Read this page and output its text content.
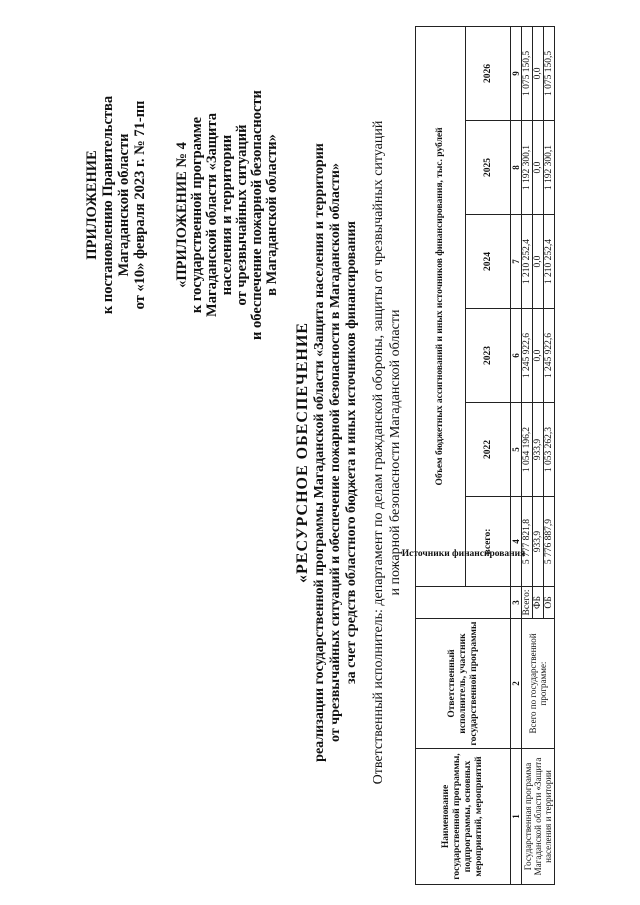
ПРИЛОЖЕНИЕ к постановлению Правительства Магаданской области от «10» февраля 2023 г. № 71-пп «ПРИЛОЖЕНИЕ № 4 к государственной программе Магаданской области «Защита населения и территории от чрезвычайных ситуаций и обеспечение пожарной безопасности в Магаданской области»
«РЕСУРСНОЕ ОБЕСПЕЧЕНИЕ реализации государственной программы Магаданской области «Защита населения и территории от чрезвычайных ситуаций и обеспечение пожарной безопасности в Магаданской области» за счет средств областного бюджета и иных источников финансирования Ответственный исполнитель: департамент по делам гражданской обороны, защиты от чрезвычайных ситуаций и пожарной безопасности Магаданской области
Наименование государственной программы, подпрограммы, основных мероприятий, мероприятий	Ответственный исполнитель, участник государственной программы	Источники финансирования	Объем бюджетных ассигнований и иных источников финансирования, тыс. рублей					
			всего:	2022	2023	2024	2025	2026
1	2	3	4	5	6	7	8	9
Государственная программа Магаданской области «Защита населения и территории	Всего по государственной программе:	Всего:	5 777 821,8	1 054 196,2	1 245 922,6	1 210 252,4	1 192 300,1	1 075 150,5
		ФБ	933,9	933,9	0,0	0,0	0,0	0,0
		ОБ	5 776 887,9	1 053 262,3	1 245 922,6	1 210 252,4	1 192 300,1	1 075 150,5
